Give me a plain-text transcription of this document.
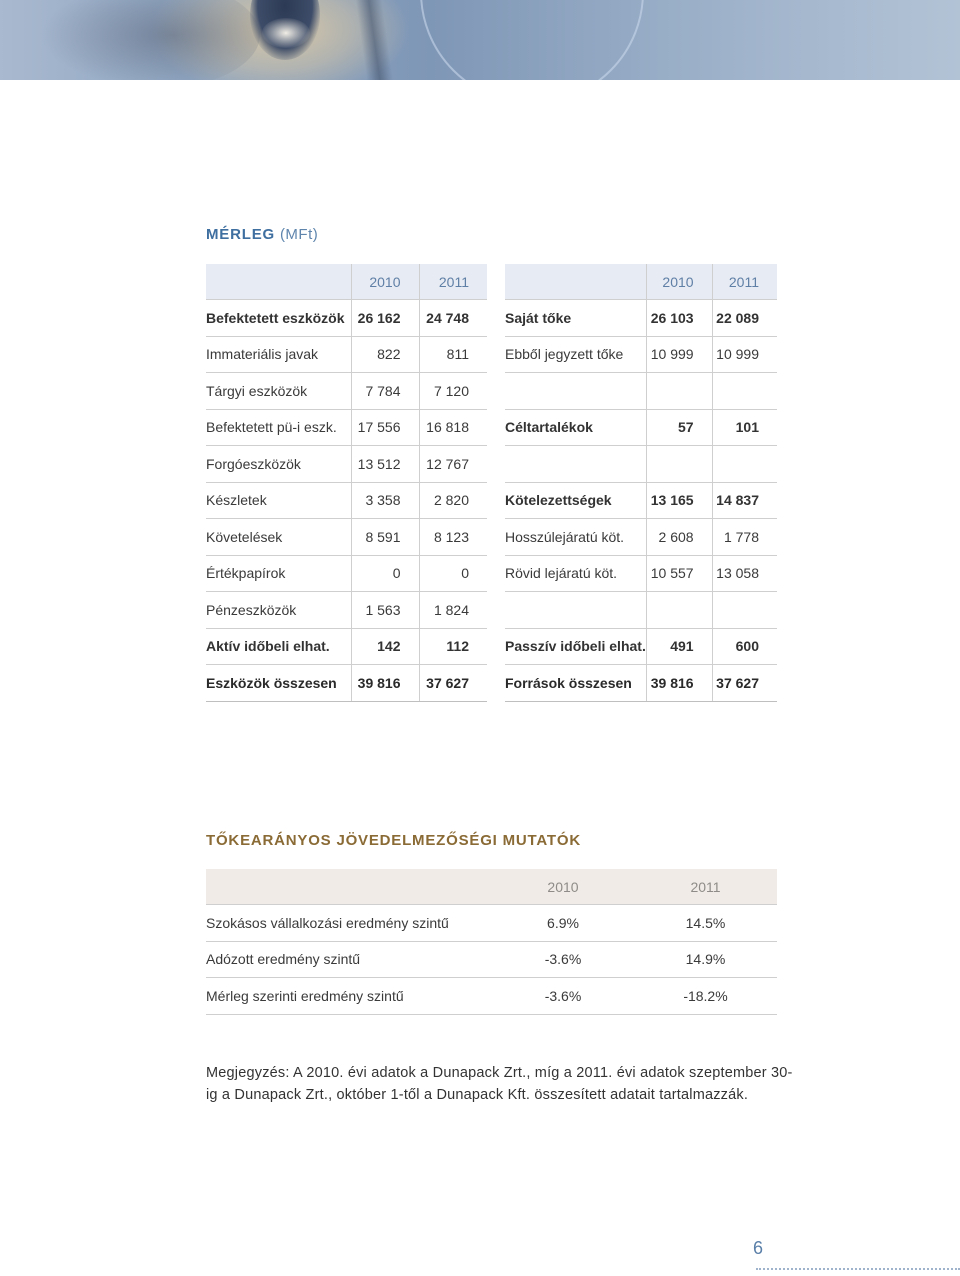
MÉRLEG (MFt)
	2010	2011
Befektetett eszközök	26 162	24 748
Immateriális javak	822	811
Tárgyi eszközök	7 784	7 120
Befektetett pü-i eszk.	17 556	16 818
Forgóeszközök	13 512	12 767
Készletek	3 358	2 820
Követelések	8 591	8 123
Értékpapírok	0	0
Pénzeszközök	1 563	1 824
Aktív időbeli elhat.	142	112
Eszközök összesen	39 816	37 627
	2010	2011
Saját tőke	26 103	22 089
Ebből jegyzett tőke	10 999	10 999

Céltartalékok	57	101

Kötelezettségek	13 165	14 837
Hosszúlejáratú köt.	2 608	1 778
Rövid lejáratú köt.	10 557	13 058

Passzív időbeli elhat.	491	600
Források összesen	39 816	37 627
TŐKEARÁNYOS JÖVEDELMEZŐSÉGI MUTATÓK
	2010	2011
Szokásos vállalkozási eredmény szintű	6.9%	14.5%
Adózott eredmény szintű	-3.6%	14.9%
Mérleg szerinti eredmény szintű	-3.6%	-18.2%
Megjegyzés: A 2010. évi adatok a Dunapack Zrt., míg a 2011. évi adatok szeptember 30-ig a Dunapack Zrt., október 1-től a Dunapack Kft. összesített adatait tartalmazzák.
6
